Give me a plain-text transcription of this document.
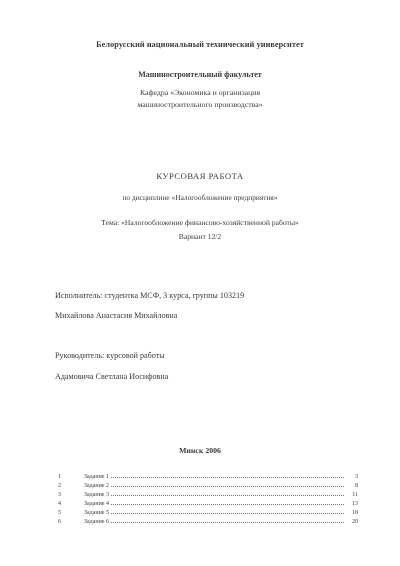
Белорусский национальный технический университет
Машиностроительный факультет
Кафедра «Экономика и организация
машиностроительного производства»
КУРСОВАЯ РАБОТА
по дисциплине «Налогообложение предприятия»
Тема: «Налогообложение финансово-хозяйственной работы»
Вариант 12/2
Исполнитель: студентка МСФ, 3 курса, группы 103219
Михайлова Анастасия Михайловна
Руководитель: курсовой работы
Адамовича Светлана Иосифовна
Минск 2006
1	Задание 1	3
2	Задание 2	8
3	Задание 3	11
4	Задание 4	13
5	Задание 5	18
6	Задание 6	20
